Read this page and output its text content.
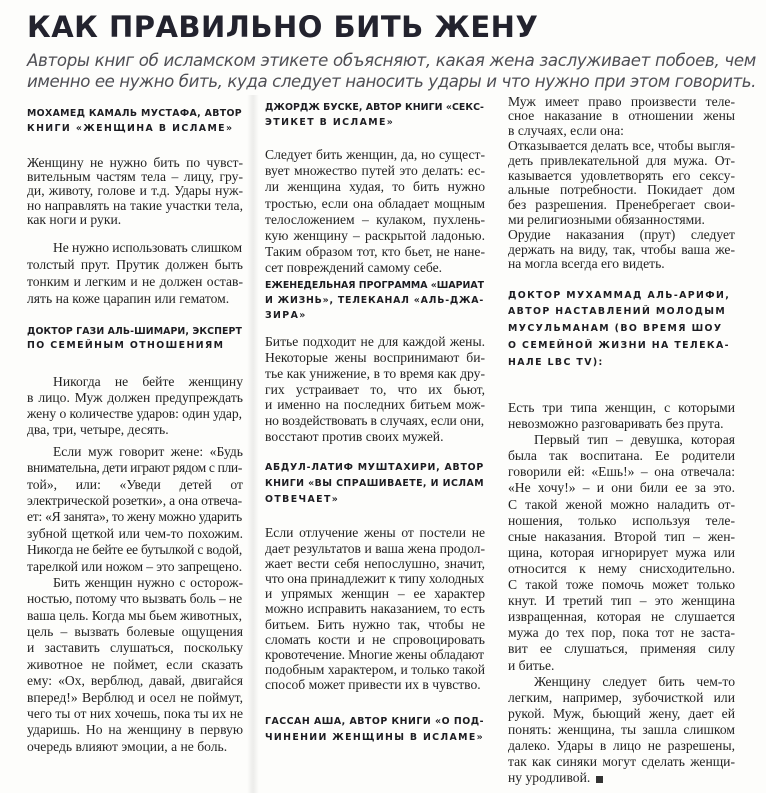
КАК ПРАВИЛЬНО БИТЬ ЖЕНУ
Авторы книг об исламском этикете объясняют, какая жена заслуживает побоев, чем
именно ее нужно бить, куда следует наносить удары и что нужно при этом говорить.
МОХАМЕД КАМАЛЬ МУСТАФА, АВТОР
КНИГИ «ЖЕНЩИНА В ИСЛАМЕ»
Женщину не нужно бить по чувст-
вительным частям тела – лицу, гру-
ди, животу, голове и т.д. Удары нуж-
но направлять на такие участки тела,
как ноги и руки.
Не нужно использовать слишком
толстый прут. Прутик должен быть
тонким и легким и не должен остав-
лять на коже царапин или гематом.
ДОКТОР ГАЗИ АЛЬ-ШИМАРИ, ЭКСПЕРТ
ПО СЕМЕЙНЫМ ОТНОШЕНИЯМ
Никогда не бейте женщину
в лицо. Муж должен предупреждать
жену о количестве ударов: один удар,
два, три, четыре, десять.
Если муж говорит жене: «Будь
внимательна, дети играют рядом с пли-
той», или: «Уведи детей от
электрической розетки», а она отвеча-
ет: «Я занята», то жену можно ударить
зубной щеткой или чем-то похожим.
Никогда не бейте ее бутылкой с водой,
тарелкой или ножом – это запрещено.
Бить женщин нужно с осторож-
ностью, потому что вызвать боль – не
ваша цель. Когда мы бьем животных,
цель – вызвать болевые ощущения
и заставить слушаться, поскольку
животное не поймет, если сказать
ему: «Ох, верблюд, давай, двигайся
вперед!» Верблюд и осел не поймут,
чего ты от них хочешь, пока ты их не
ударишь. Но на женщину в первую
очередь влияют эмоции, а не боль.
ДЖОРДЖ БУСКЕ, АВТОР КНИГИ «СЕКС-
ЭТИКЕТ В ИСЛАМЕ»
Следует бить женщин, да, но сущест-
вует множество путей это делать: ес-
ли женщина худая, то бить нужно
тростью, если она обладает мощным
телосложением – кулаком, пухлень-
кую женщину – раскрытой ладонью.
Таким образом тот, кто бьет, не нане-
сет повреждений самому себе.
ЕЖЕНЕДЕЛЬНАЯ ПРОГРАММА «ШАРИАТ
И ЖИЗНЬ», ТЕЛЕКАНАЛ «АЛЬ-ДЖА-
ЗИРА»
Битье подходит не для каждой жены.
Некоторые жены воспринимают би-
тье как унижение, в то время как дру-
гих устраивает то, что их бьют,
и именно на последних битьем мож-
но воздействовать в случаях, если они,
восстают против своих мужей.
АБДУЛ-ЛАТИФ МУШТАХИРИ, АВТОР
КНИГИ «ВЫ СПРАШИВАЕТЕ, И ИСЛАМ
ОТВЕЧАЕТ»
Если отлучение жены от постели не
дает результатов и ваша жена продол-
жает вести себя непослушно, значит,
что она принадлежит к типу холодных
и упрямых женщин – ее характер
можно исправить наказанием, то есть
битьем. Бить нужно так, чтобы не
сломать кости и не спровоцировать
кровотечение. Многие жены обладают
подобным характером, и только такой
способ может привести их в чувство.
ГАССАН АША, АВТОР КНИГИ «О ПОД-
ЧИНЕНИИ ЖЕНЩИНЫ В ИСЛАМЕ»
Муж имеет право произвести теле-
сное наказание в отношении жены
в случаях, если она:
Отказывается делать все, чтобы выгля-
деть привлекательной для мужа. От-
казывается удовлетворять его сексу-
альные потребности. Покидает дом
без разрешения. Пренебрегает свои-
ми религиозными обязанностями.
Орудие наказания (прут) следует
держать на виду, так, чтобы ваша же-
на могла всегда его видеть.
ДОКТОР МУХАММАД АЛЬ-АРИФИ,
АВТОР НАСТАВЛЕНИЙ МОЛОДЫМ
МУСУЛЬМАНАМ (ВО ВРЕМЯ ШОУ
О СЕМЕЙНОЙ ЖИЗНИ НА ТЕЛЕКА-
НАЛЕ LBC TV):
Есть три типа женщин, с которыми
невозможно разговаривать без прута.
Первый тип – девушка, которая
была так воспитана. Ее родители
говорили ей: «Ешь!» – она отвечала:
«Не хочу!» – и они били ее за это.
С такой женой можно наладить от-
ношения, только используя теле-
сные наказания. Второй тип – жен-
щина, которая игнорирует мужа или
относится к нему снисходительно.
С такой тоже помочь может только
кнут. И третий тип – это женщина
извращенная, которая не слушается
мужа до тех пор, пока тот не заста-
вит ее слушаться, применяя силу
и битье.
Женщину следует бить чем-то
легким, например, зубочисткой или
рукой. Муж, бьющий жену, дает ей
понять: женщина, ты зашла слишком
далеко. Удары в лицо не разрешены,
так как синяки могут сделать женщи-
ну уродливой.
